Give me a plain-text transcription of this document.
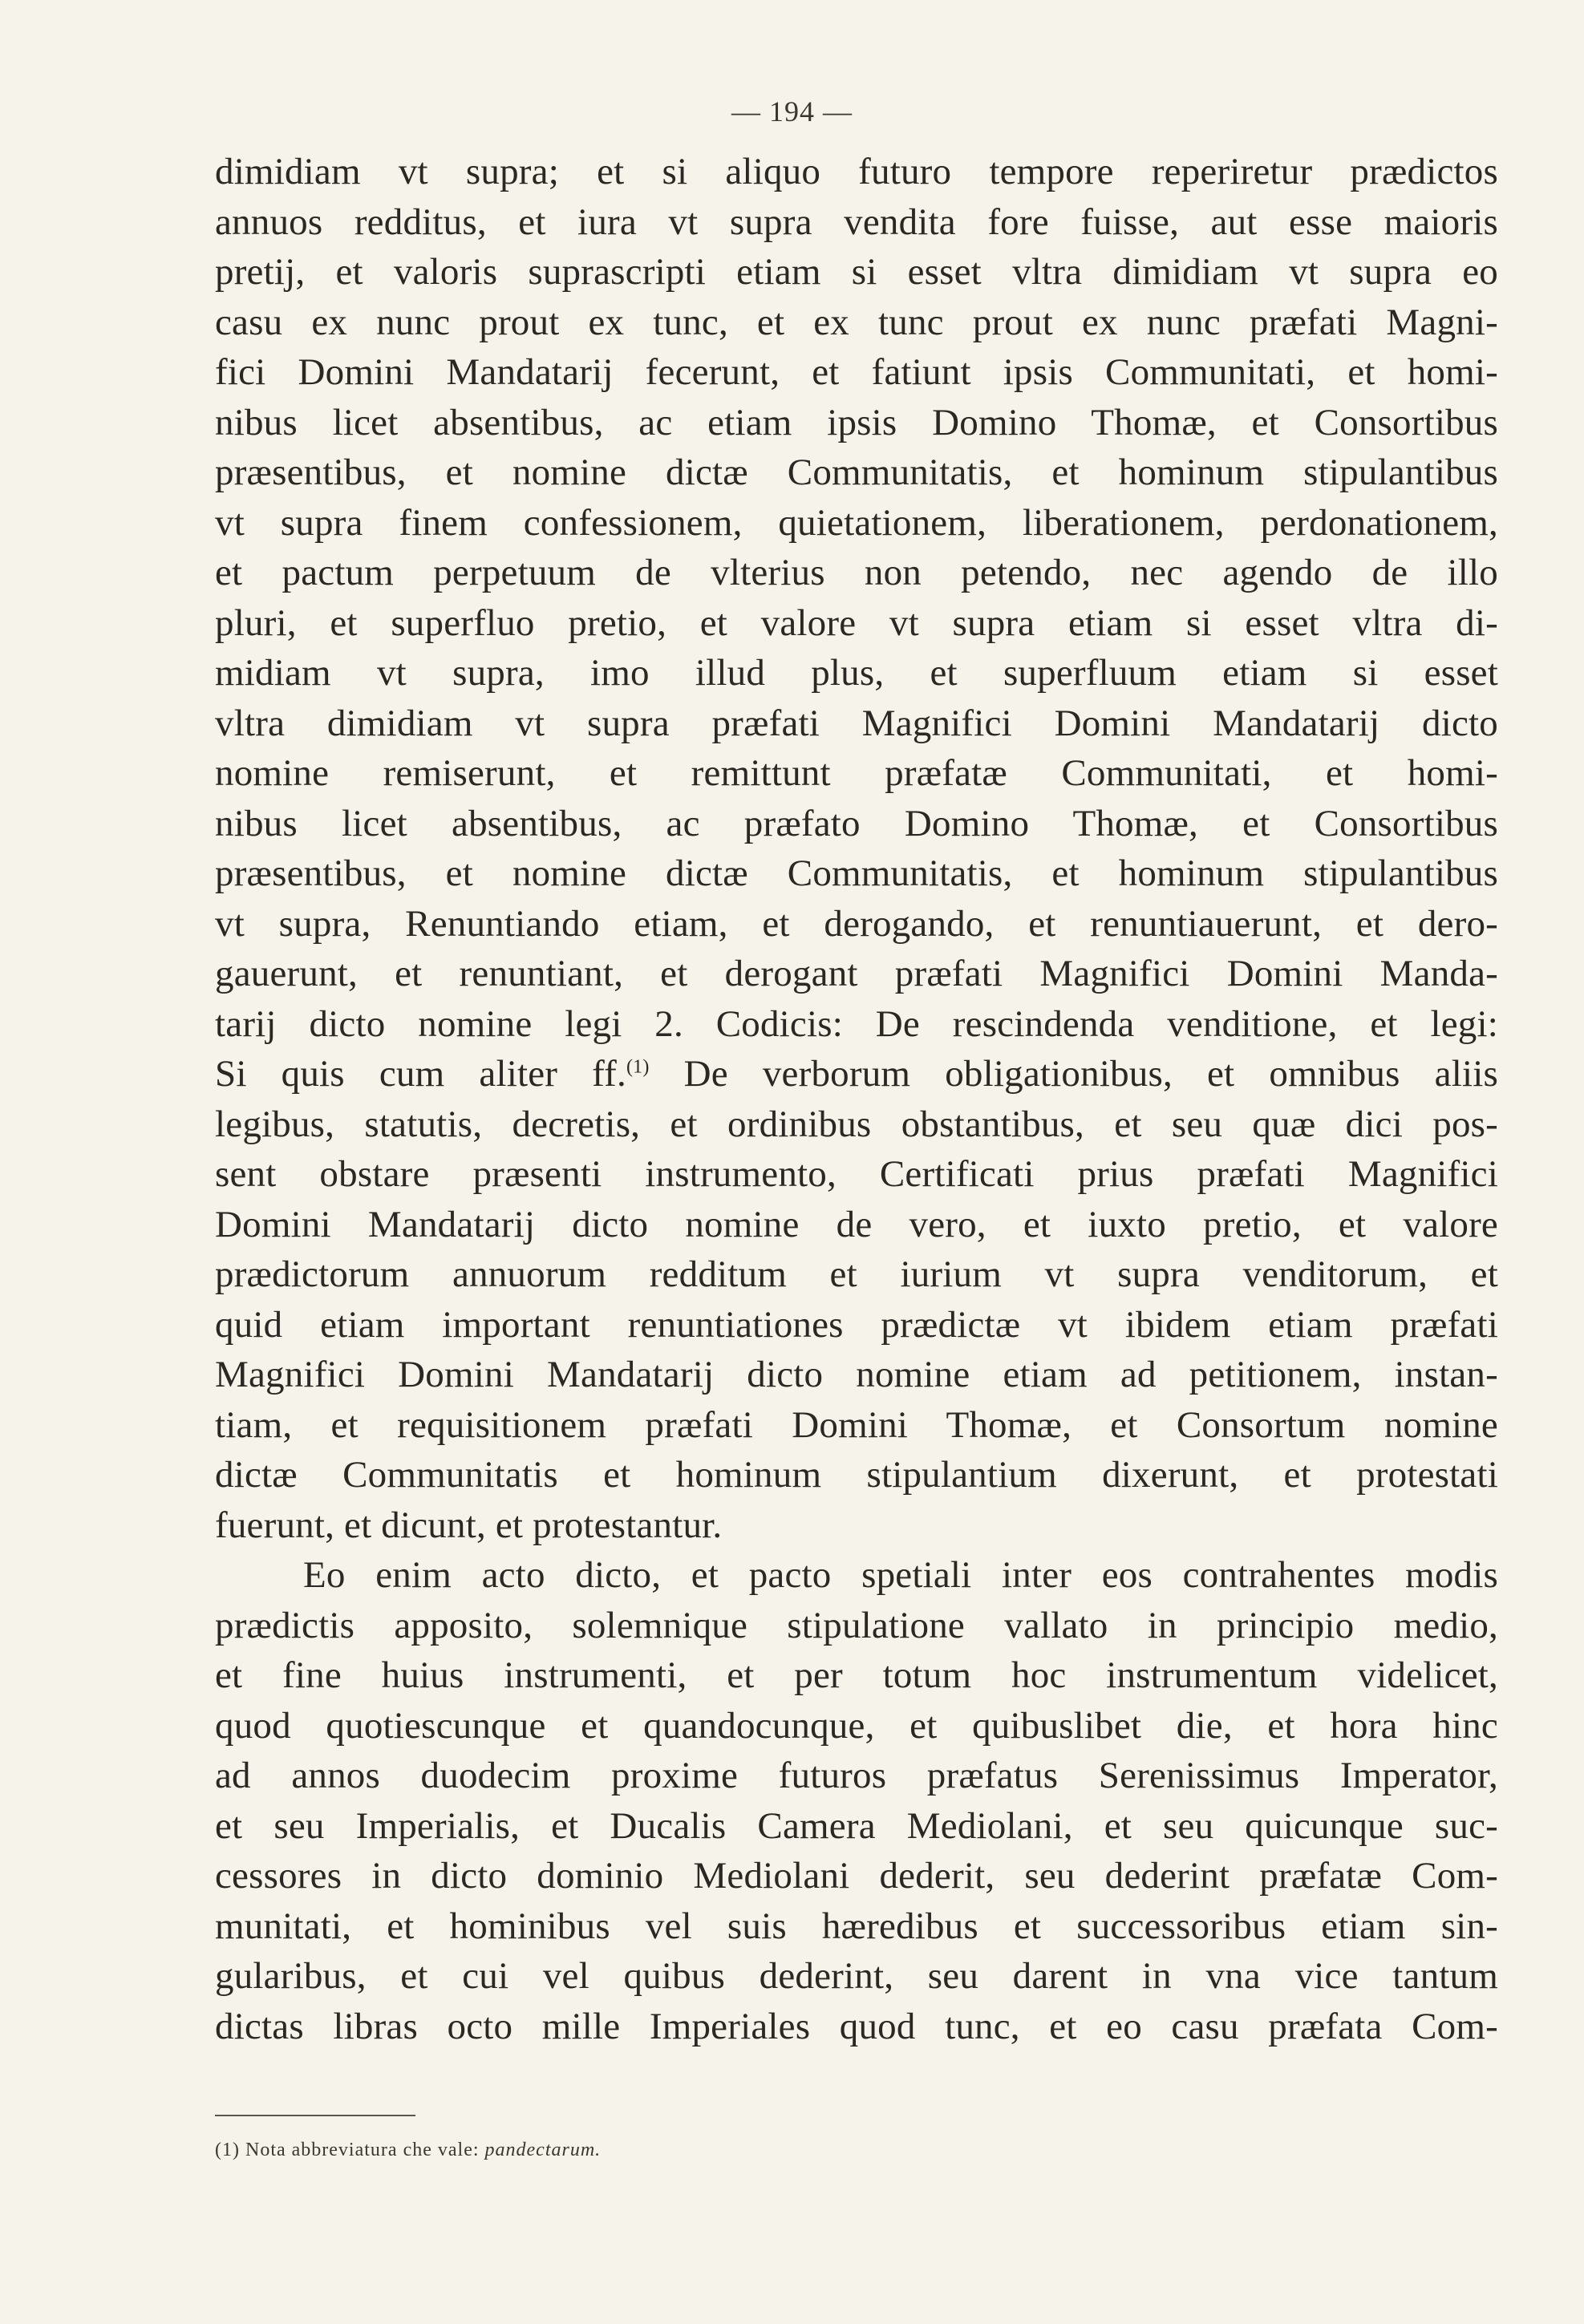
— 194 —
dimidiam vt supra; et si aliquo futuro tempore reperiretur prædictos
annuos redditus, et iura vt supra vendita fore fuisse, aut esse maioris
pretij, et valoris suprascripti etiam si esset vltra dimidiam vt supra eo
casu ex nunc prout ex tunc, et ex tunc prout ex nunc præfati Magni-
fici Domini Mandatarij fecerunt, et fatiunt ipsis Communitati, et homi-
nibus licet absentibus, ac etiam ipsis Domino Thomæ, et Consortibus
præsentibus, et nomine dictæ Communitatis, et hominum stipulantibus
vt supra finem confessionem, quietationem, liberationem, perdonationem,
et pactum perpetuum de vlterius non petendo, nec agendo de illo
pluri, et superfluo pretio, et valore vt supra etiam si esset vltra di-
midiam vt supra, imo illud plus, et superfluum etiam si esset
vltra dimidiam vt supra præfati Magnifici Domini Mandatarij dicto
nomine remiserunt, et remittunt præfatæ Communitati, et homi-
nibus licet absentibus, ac præfato Domino Thomæ, et Consortibus
præsentibus, et nomine dictæ Communitatis, et hominum stipulantibus
vt supra, Renuntiando etiam, et derogando, et renuntiauerunt, et dero-
gauerunt, et renuntiant, et derogant præfati Magnifici Domini Manda-
tarij dicto nomine legi 2. Codicis: De rescindenda venditione, et legi:
Si quis cum aliter ff.$^{(1)}$ De verborum obligationibus, et omnibus aliis
legibus, statutis, decretis, et ordinibus obstantibus, et seu quæ dici pos-
sent obstare præsenti instrumento, Certificati prius præfati Magnifici
Domini Mandatarij dicto nomine de vero, et iuxto pretio, et valore
prædictorum annuorum redditum et iurium vt supra venditorum, et
quid etiam important renuntiationes prædictæ vt ibidem etiam præfati
Magnifici Domini Mandatarij dicto nomine etiam ad petitionem, instan-
tiam, et requisitionem præfati Domini Thomæ, et Consortum nomine
dictæ Communitatis et hominum stipulantium dixerunt, et protestati
fuerunt, et dicunt, et protestantur.
Eo enim acto dicto, et pacto spetiali inter eos contrahentes modis
prædictis apposito, solemnique stipulatione vallato in principio medio,
et fine huius instrumenti, et per totum hoc instrumentum videlicet,
quod quotiescunque et quandocunque, et quibuslibet die, et hora hinc
ad annos duodecim proxime futuros præfatus Serenissimus Imperator,
et seu Imperialis, et Ducalis Camera Mediolani, et seu quicunque suc-
cessores in dicto dominio Mediolani dederit, seu dederint præfatæ Com-
munitati, et hominibus vel suis hæredibus et successoribus etiam sin-
gularibus, et cui vel quibus dederint, seu darent in vna vice tantum
dictas libras octo mille Imperiales quod tunc, et eo casu præfata Com-
(1) Nota abbreviatura che vale: pandectarum.
